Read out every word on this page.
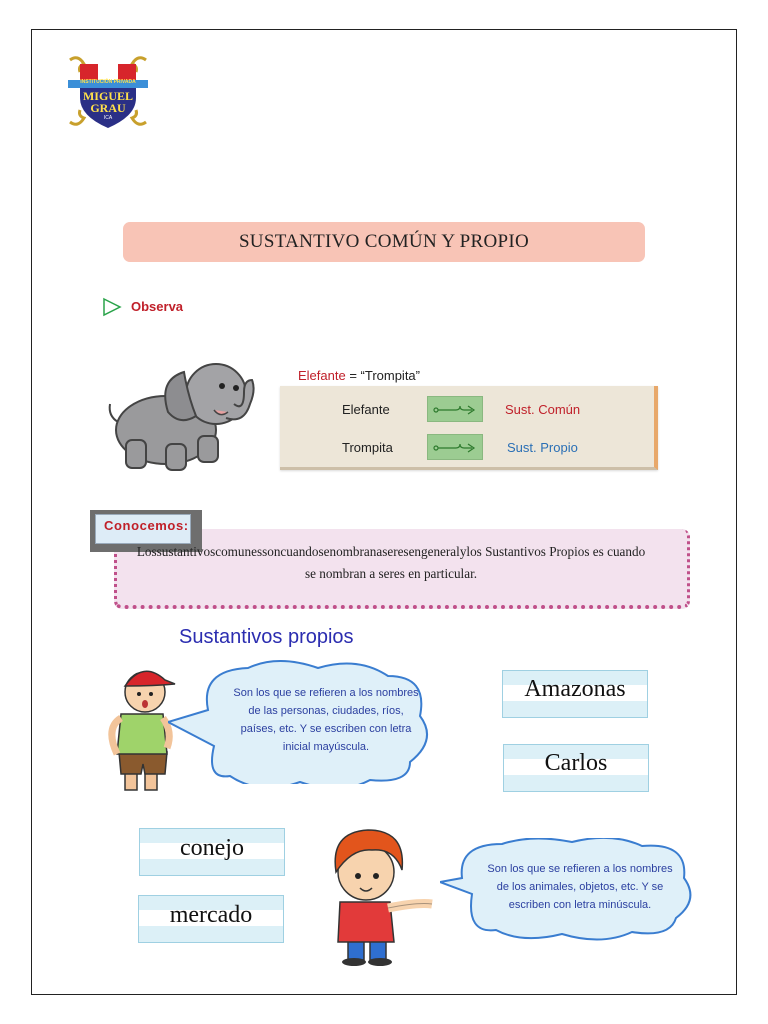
INSTITUCIÓN PRIVADA
MIGUEL
GRAU
ICA
SUSTANTIVO COMÚN Y PROPIO
Observa
Elefante = “Trompita”
Elefante	Sust. Común
Trompita	Sust. Propio
Conocemos:
Lossustantivoscomunessoncuandosenombranaseresengeneralylos Sustantivos Propios es cuando
se nombran a seres en particular.
Sustantivos propios
Son los que se refieren a los nombres
de las personas, ciudades, ríos,
países, etc. Y se escriben con letra
inicial mayúscula.
Amazonas
Carlos
conejo
mercado
Son los que se refieren a los nombres
de los animales, objetos, etc. Y se
escriben con letra minúscula.
